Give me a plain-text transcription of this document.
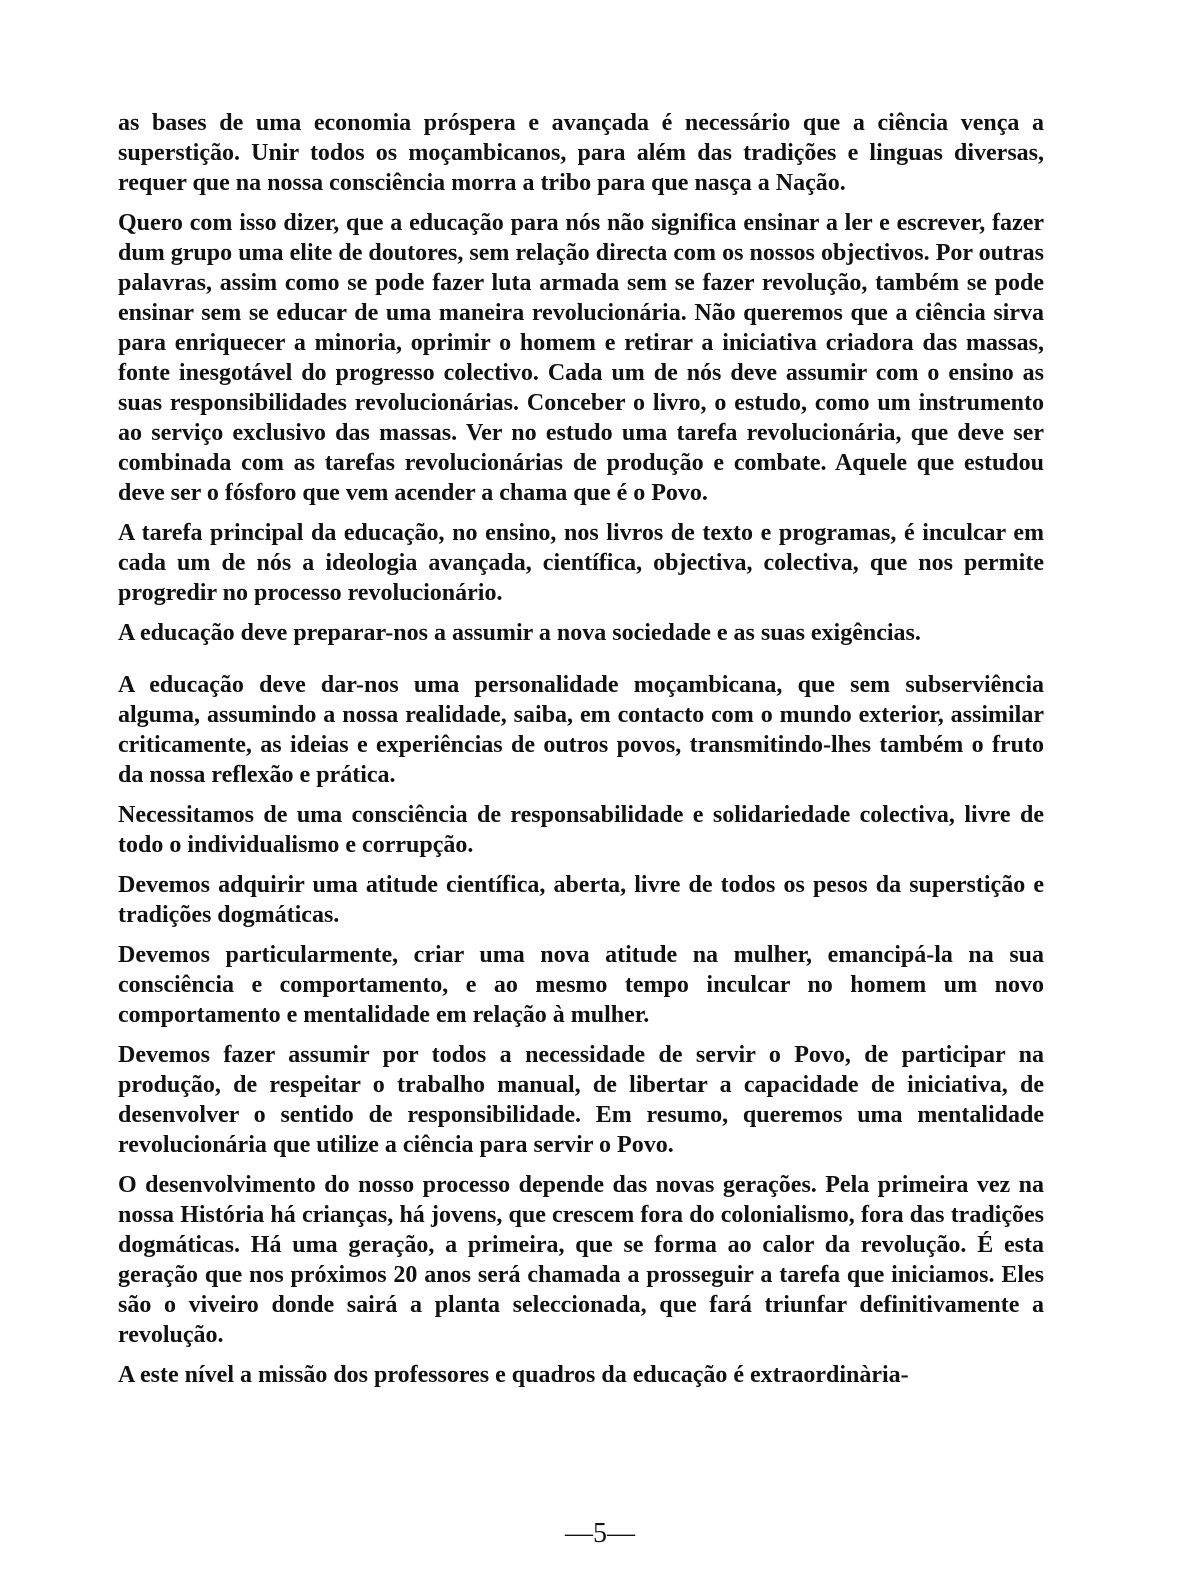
as bases de uma economia próspera e avançada é necessário que a ciência vença a superstição. Unir todos os moçambicanos, para além das tradições e linguas diversas, requer que na nossa consciência morra a tribo para que nasça a Nação.

Quero com isso dizer, que a educação para nós não significa ensinar a ler e escrever, fazer dum grupo uma elite de doutores, sem relação directa com os nossos objectivos. Por outras palavras, assim como se pode fazer luta armada sem se fazer revolução, também se pode ensinar sem se educar de uma maneira revolucionária. Não queremos que a ciência sirva para enriquecer a minoria, oprimir o homem e retirar a iniciativa criadora das massas, fonte inesgotável do progresso colectivo. Cada um de nós deve assumir com o ensino as suas responsibilidades revolucionárias. Conceber o livro, o estudo, como um instrumento ao serviço exclusivo das massas. Ver no estudo uma tarefa revolucionária, que deve ser combinada com as tarefas revolucionárias de produção e combate. Aquele que estudou deve ser o fósforo que vem acender a chama que é o Povo.

A tarefa principal da educação, no ensino, nos livros de texto e programas, é inculcar em cada um de nós a ideologia avançada, científica, objectiva, colectiva, que nos permite progredir no processo revolucionário.

A educação deve preparar-nos a assumir a nova sociedade e as suas exigências.

A educação deve dar-nos uma personalidade moçambicana, que sem subserviência alguma, assumindo a nossa realidade, saiba, em contacto com o mundo exterior, assimilar criticamente, as ideias e experiências de outros povos, transmitindo-lhes também o fruto da nossa reflexão e prática.

Necessitamos de uma consciência de responsabilidade e solidariedade colectiva, livre de todo o individualismo e corrupção.

Devemos adquirir uma atitude científica, aberta, livre de todos os pesos da superstição e tradições dogmáticas.

Devemos particularmente, criar uma nova atitude na mulher, emancipá-la na sua consciência e comportamento, e ao mesmo tempo inculcar no homem um novo comportamento e mentalidade em relação à mulher.

Devemos fazer assumir por todos a necessidade de servir o Povo, de participar na produção, de respeitar o trabalho manual, de libertar a capacidade de iniciativa, de desenvolver o sentido de responsibilidade. Em resumo, queremos uma mentalidade revolucionária que utilize a ciência para servir o Povo.

O desenvolvimento do nosso processo depende das novas gerações. Pela primeira vez na nossa História há crianças, há jovens, que crescem fora do colonialismo, fora das tradições dogmáticas. Há uma geração, a primeira, que se forma ao calor da revolução. É esta geração que nos próximos 20 anos será chamada a prosseguir a tarefa que iniciamos. Eles são o viveiro donde sairá a planta seleccionada, que fará triunfar definitivamente a revolução.

A este nível a missão dos professores e quadros da educação é extraordinària-

—5—
